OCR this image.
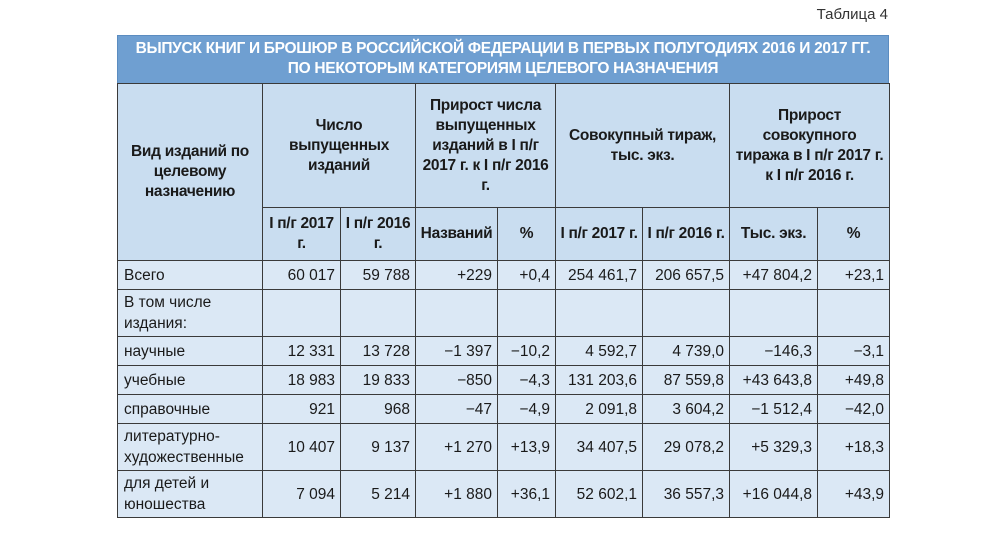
Таблица 4
ВЫПУСК КНИГ И БРОШЮР В РОССИЙСКОЙ ФЕДЕРАЦИИ В ПЕРВЫХ ПОЛУГОДИЯХ 2016 И 2017 ГГ.
ПО НЕКОТОРЫМ КАТЕГОРИЯМ ЦЕЛЕВОГО НАЗНАЧЕНИЯ
Вид изданий по целевому назначению	Число выпущенных изданий		Прирост числа выпущенных изданий в I п/г 2017 г. к I п/г 2016 г.		Совокупный тираж, тыс. экз.		Прирост совокупного тиража в I п/г 2017 г. к I п/г 2016 г.	
	I п/г 2017 г.	I п/г 2016 г.	Названий	%	I п/г 2017 г.	I п/г 2016 г.	Тыс. экз.	%
Всего	60 017	59 788	+229	+0,4	254 461,7	206 657,5	+47 804,2	+23,1
В том числе издания:								
научные	12 331	13 728	−1 397	−10,2	4 592,7	4 739,0	−146,3	−3,1
учебные	18 983	19 833	−850	−4,3	131 203,6	87 559,8	+43 643,8	+49,8
справочные	921	968	−47	−4,9	2 091,8	3 604,2	−1 512,4	−42,0
литературно-художественные	10 407	9 137	+1 270	+13,9	34 407,5	29 078,2	+5 329,3	+18,3
для детей и юношества	7 094	5 214	+1 880	+36,1	52 602,1	36 557,3	+16 044,8	+43,9
